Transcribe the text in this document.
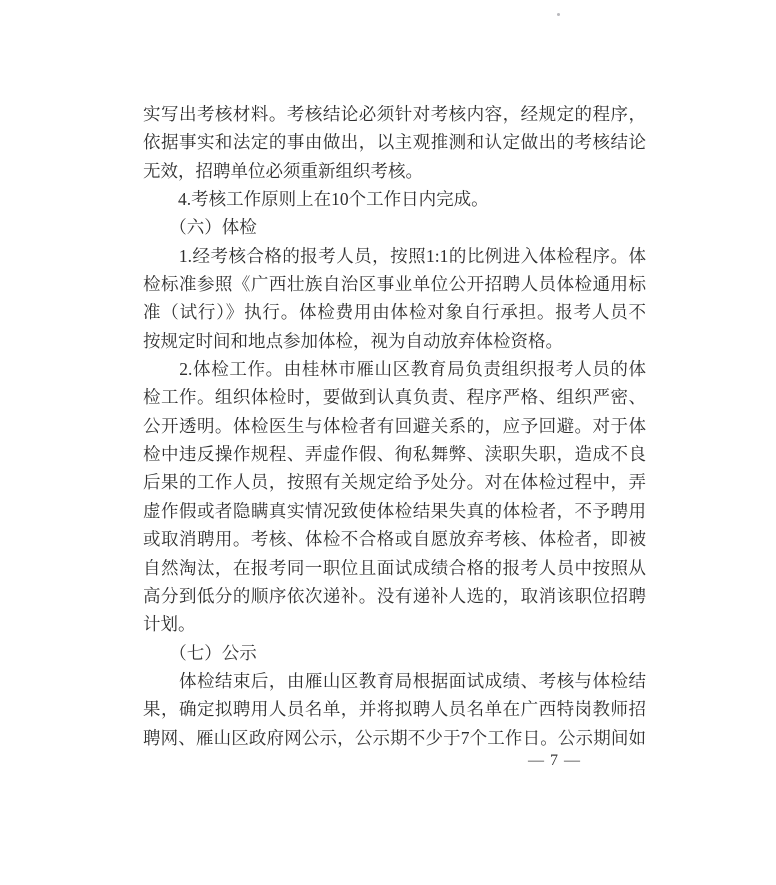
实写出考核材料。考核结论必须针对考核内容，经规定的程序，
依据事实和法定的事由做出，以主观推测和认定做出的考核结论
无效，招聘单位必须重新组织考核。
　　4.考核工作原则上在10个工作日内完成。
　　（六）体检
　　1.经考核合格的报考人员，按照1:1的比例进入体检程序。体
检标准参照《广西壮族自治区事业单位公开招聘人员体检通用标
准（试行）》执行。体检费用由体检对象自行承担。报考人员不
按规定时间和地点参加体检，视为自动放弃体检资格。
　　2.体检工作。由桂林市雁山区教育局负责组织报考人员的体
检工作。组织体检时，要做到认真负责、程序严格、组织严密、
公开透明。体检医生与体检者有回避关系的，应予回避。对于体
检中违反操作规程、弄虚作假、徇私舞弊、渎职失职，造成不良
后果的工作人员，按照有关规定给予处分。对在体检过程中，弄
虚作假或者隐瞒真实情况致使体检结果失真的体检者，不予聘用
或取消聘用。考核、体检不合格或自愿放弃考核、体检者，即被
自然淘汰，在报考同一职位且面试成绩合格的报考人员中按照从
高分到低分的顺序依次递补。没有递补人选的，取消该职位招聘
计划。
　　（七）公示
　　体检结束后，由雁山区教育局根据面试成绩、考核与体检结
果，确定拟聘用人员名单，并将拟聘人员名单在广西特岗教师招
聘网、雁山区政府网公示，公示期不少于7个工作日。公示期间如
— 7 —
